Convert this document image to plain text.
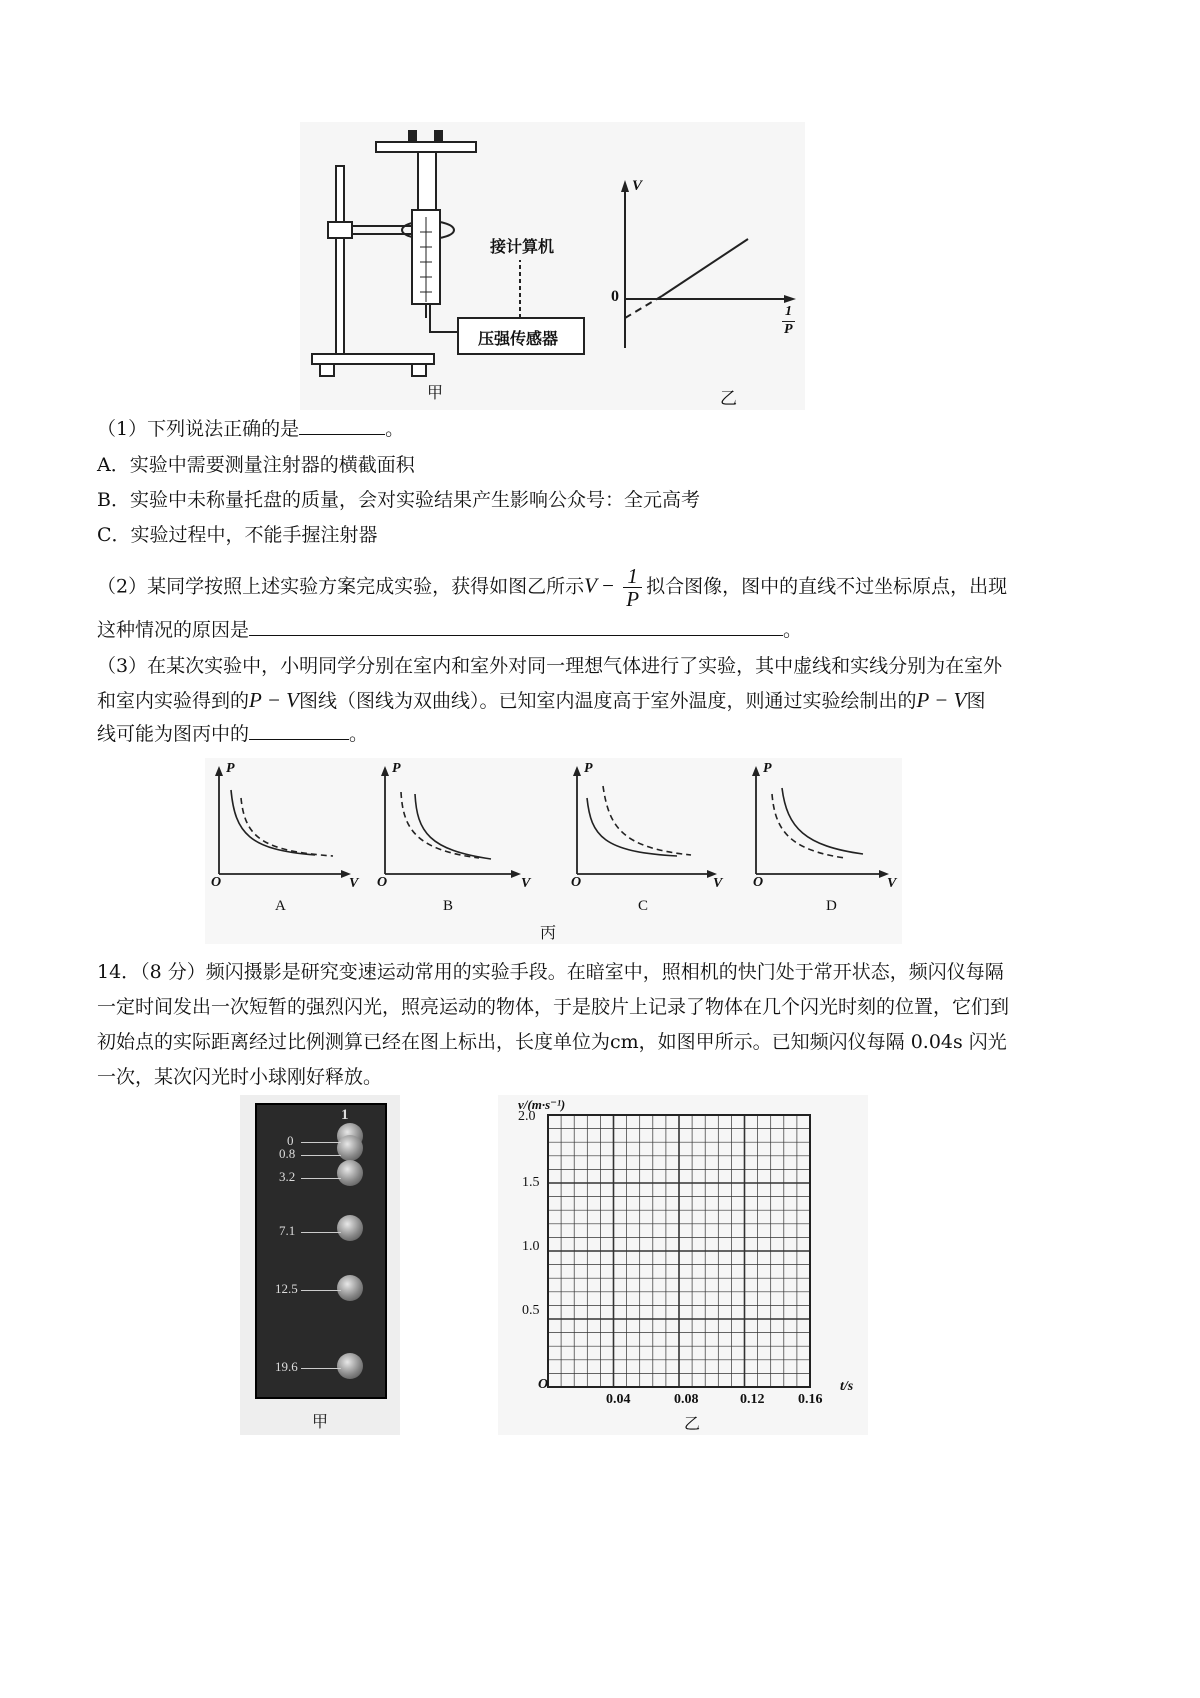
接计算机
压强传感器
V
0
1
P
甲	乙
（1）下列说法正确的是	。
A．实验中需要测量注射器的横截面积
B．实验中未称量托盘的质量，会对实验结果产生影响公众号：全元高考
C．实验过程中，不能手握注射器
（2）某同学按照上述实验方案完成实验，获得如图乙所示$V - \frac{1}{P}$ 拟合图像，图中的直线不过坐标原点，出现
这种情况的原因是	。
（3）在某次实验中，小明同学分别在室内和室外对同一理想气体进行了实验，其中虚线和实线分别为在室外
和室内实验得到的P − V图线（图线为双曲线）。已知室内温度高于室外温度，则通过实验绘制出的P − V图
线可能为图丙中的	。
P
O	V
A
P
O	V
B
P
O	V
C
P
O	V
D
丙
14．（8 分）频闪摄影是研究变速运动常用的实验手段。在暗室中，照相机的快门处于常开状态，频闪仪每隔
一定时间发出一次短暂的强烈闪光，照亮运动的物体，于是胶片上记录了物体在几个闪光时刻的位置，它们到
初始点的实际距离经过比例测算已经在图上标出，长度单位为cm，如图甲所示。已知频闪仪每隔 0.04s 闪光
一次，某次闪光时小球刚好释放。
1
0
0.8
3.2
7.1
12.5
19.6
甲
v/(m·s⁻¹)
2.0
1.5
1.0
0.5
O
0.04	0.08	0.12 0.16
t/s
乙
